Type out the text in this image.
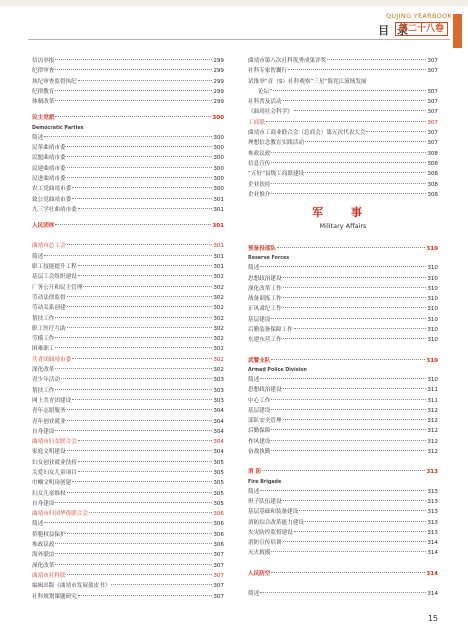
QUJING YEARBOOK
目 录
第二十八卷
信访举报	299
纪律审查	299
执纪审查监督执纪	299
纪律教育	299
体制改革	299
民主党派	300
Democratic Parties
简述	300
民革曲靖市委	300
民盟曲靖市委	300
民建曲靖市委	300
民进曲靖市委	300
农工党曲靖市委	300
致公党曲靖市委	301
九三学社曲靖市委	301
人民团体	301
曲靖市总工会	301
简述	301
职工技能提升工程	301
基层工会组织建设	302
厂务公开和民主管理	302
劳动法律监督	302
劳动关系创建	302
帮扶工作	302
职工医疗互助	302
劳模工作	302
困难职工	302
共青团曲靖市委	302
深化改革	302
青少年活动	303
帮扶工作	303
网上共青团建设	303
青年志愿服务	304
青年创业就业	304
自身建设	304
曲靖市妇女联合会	304
家庭文明建设	304
妇女创业就业扶持	305
关爱妇女儿童项目	305
巾帼文明岗创建	305
妇女儿童维权	305
自身建设	305
曲靖市归国华侨联合会	306
简述	306
侨胞权益保护	306
参政议政	306
海外联谊	307
深化改革	307
曲靖市社科联	307
编辑出版《曲靖市发展蓝皮书》	307
社科规划课题研究	307
曲靖市第八次社科优秀成果评奖	307
社科专家智囊行	307
试推举“首（S）社科观察”三星“海党江流域发展
论坛”	307
社科普及活动	307
《曲靖社会科学》	307
工商联	307
曲靖市工商业联合会（总商会）第五次代表大会	307
理想信念教育实践活动	307
参政议政	308
信息宣传	308
“五好”县级工商联建设	308
企业扶持	308
企业推介	308
军 事
Military Affairs
预备役部队	310
Reserve Forces
简述	310
思想政治建设	310
深化改革工作	310
战备训练工作	310
正风肃纪工作	310
基层建设	310
后勤装备保障工作	310
东建东营工作	310
武警支队	310
Armed Police Division
简述	310
思想政治建设	311
中心工作	311
基层建设	312
部队安全管理	312
后勤保障	312
作风建设	312
奋战执勤	312
消 防	313
Fire Brigade
简述	313
班子队伍建设	313
基层基础和装备建设	313
消防综合改革能力建设	313
火灾防控监督建设	313
消防宣传培训	314
灭火救援	314
人民防空	314
简述	314
15
